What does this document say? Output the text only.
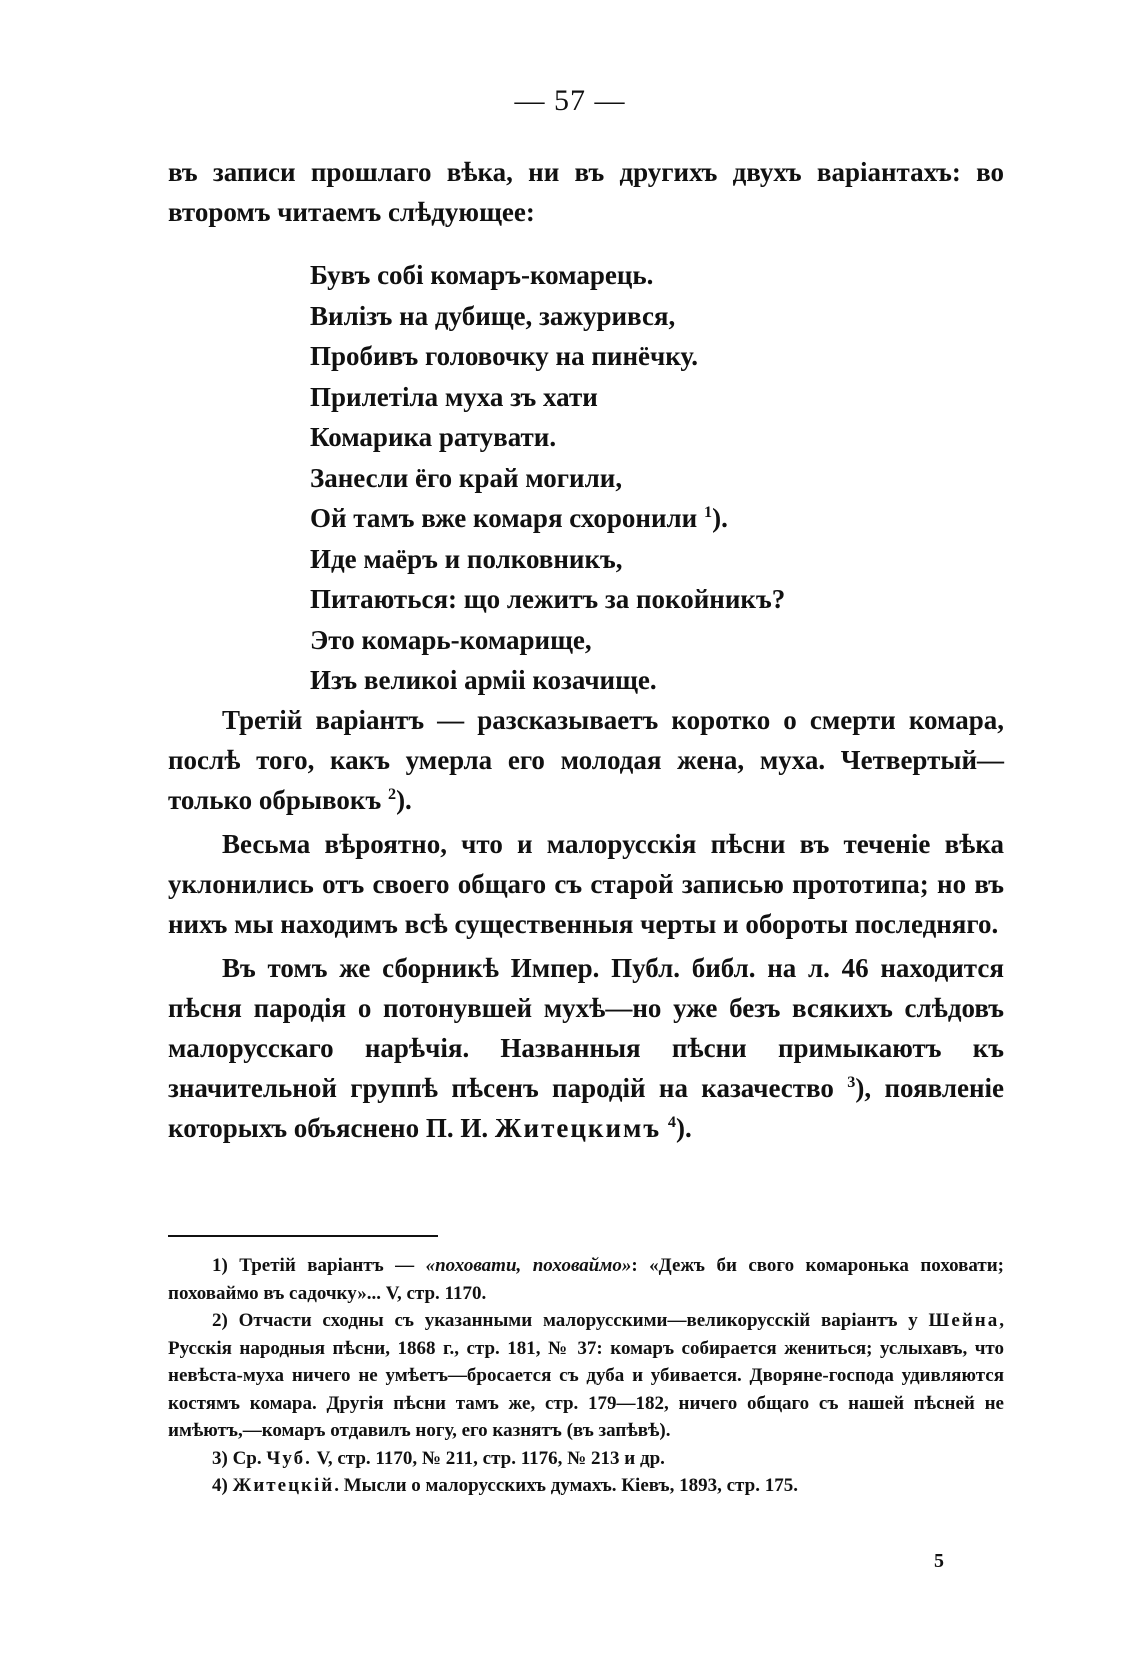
— 57 —
въ записи прошлаго вѣка, ни въ другихъ двухъ варіантахъ: во
второмъ читаемъ слѣдующее:
Бувъ собі комаръ-комарець.
Вилізъ на дубище, зажурився,
Пробивъ головочку на пинёчку.
Прилетіла муха зъ хати
Комарика ратувати.
Занесли ёго край могили,
Ой тамъ вже комаря схоронили $^1$).
Иде маёръ и полковникъ,
Питаються: що лежитъ за покойникъ?
Это комарь-комарище,
Изъ великоі арміі козачище.

Третій варіантъ — разсказываетъ коротко о смерти комара, послѣ того, какъ умерла его молодая жена, муха. Четвертый— только обрывокъ $^2$).

Весьма вѣроятно, что и малорусскія пѣсни въ теченіе вѣка уклонились отъ своего общаго съ старой записью прототипа; но въ нихъ мы находимъ всѣ существенныя черты и обороты последняго.

Въ томъ же сборникѣ Импер. Публ. библ. на л. 46 находится пѣсня пародія о потонувшей мухѣ—но уже безъ всякихъ слѣдовъ малорусскаго нарѣчія. Названныя пѣсни примыкаютъ къ значительной группѣ пѣсенъ пародій на казачество $^3$), появленіе которыхъ объяснено П. И. Житецкимъ $^4$).

1) Третій варіантъ — «поховати, поховаймо»: «Дежъ би свого комаронька поховати; поховаймо въ садочку»... V, стр. 1170.

2) Отчасти сходны съ указанными малорусскими—великорусскій варіантъ у Шейна, Русскія народныя пѣсни, 1868 г., стр. 181, № 37: комаръ собирается жениться; услыхавъ, что невѣста-муха ничего не умѣетъ—бросается съ дуба и убивается. Дворяне-господа удивляются костямъ комара. Другія пѣсни тамъ же, стр. 179—182, ничего общаго съ нашей пѣсней не имѣютъ,—комаръ отдавилъ ногу, его казнятъ (въ запѣвѣ).

3) Ср. Чуб. V, стр. 1170, № 211, стр. 1176, № 213 и др.

4) Житецкій. Мысли о малорусскихъ думахъ. Кіевъ, 1893, стр. 175.

5
